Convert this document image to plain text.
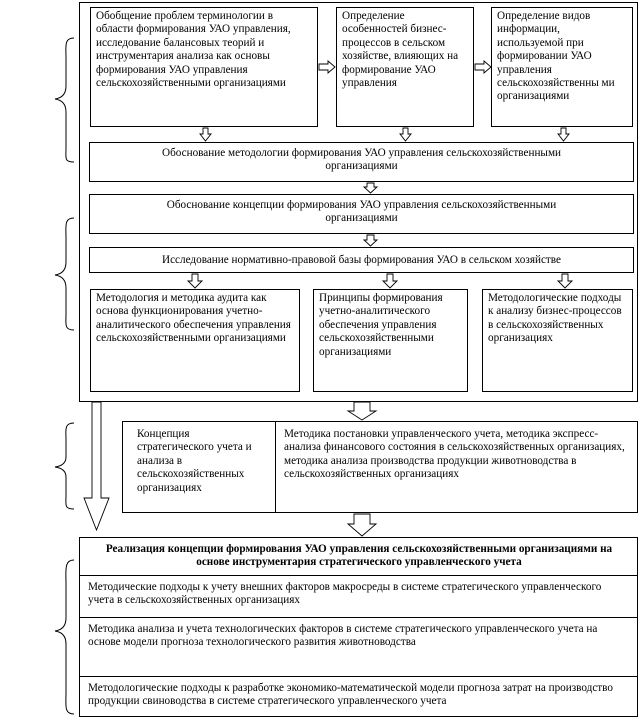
Обобщение проблем терминологии в области формирования УАО управления, исследование балансовых теорий и инструментария анализа как основы формирования УАО управления сельскохозяйственными организациями
Определение особенностей бизнес-процессов в сельском хозяйстве, влияющих на формирование УАО управления
Определение видов информации, используемой при формировании УАО управления сельскохозяйственны ми организациями
Обоснование методологии формирования УАО управления сельскохозяйственными организациями
Обоснование концепции формирования УАО управления сельскохозяйственными организациями
Исследование нормативно-правовой базы формирования УАО в сельском хозяйстве
Методология и методика аудита как основа функционирования учетно-аналитического обеспечения управления сельскохозяйственными организациями
Принципы формирования учетно-аналитического обеспечения управления сельскохозяйственными организациями
Методологические подходы к анализу бизнес-процессов в сельскохозяйственных организациях
Концепция стратегического учета и анализа в сельскохозяйственных организациях
Методика постановки управленческого учета, методика экспресс-анализа финансового состояния в сельскохозяйственных организациях, методика анализа производства продукции животноводства в сельскохозяйственных организациях
Реализация концепции формирования УАО управления сельскохозяйственными организациями на основе инструментария стратегического управленческого учета
Методические подходы к учету внешних факторов макросреды в системе стратегического управленческого учета в сельскохозяйственных организациях
Методика анализа и учета технологических факторов в системе стратегического управленческого учета на основе модели прогноза технологического развития животноводства
Методологические подходы к разработке экономико-математической модели прогноза затрат на производство продукции свиноводства в системе стратегического управленческого учета
